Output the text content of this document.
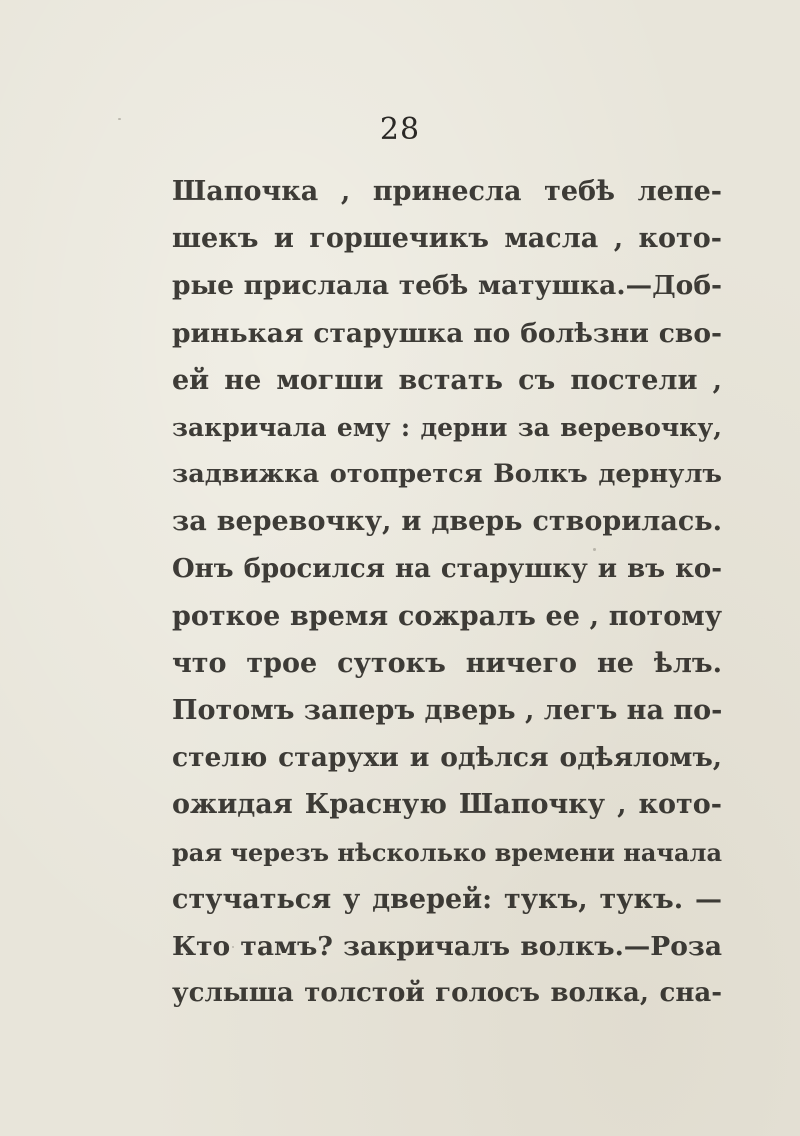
28
Шапочка , принесла тебѣ лепе-
шекъ и горшечикъ масла , кото-
рые прислала тебѣ матушка.—Доб-
ринькая старушка по болѣзни сво-
ей не могши встать съ постели ,
закричала ему : дерни за веревочку,
задвижка отопрется Волкъ дернулъ
за веревочку, и дверь створилась.
Онъ бросился на старушку и въ ко-
роткое время сожралъ ее , потому
что трое сутокъ ничего не ѣлъ.
Потомъ заперъ дверь , легъ на по-
стелю старухи и одѣлся одѣяломъ,
ожидая Красную Шапочку , кото-
рая черезъ нѣсколько времени начала
стучаться у дверей: тукъ, тукъ. —
Кто тамъ? закричалъ волкъ.—Роза
услыша толстой голосъ волка, сна-
